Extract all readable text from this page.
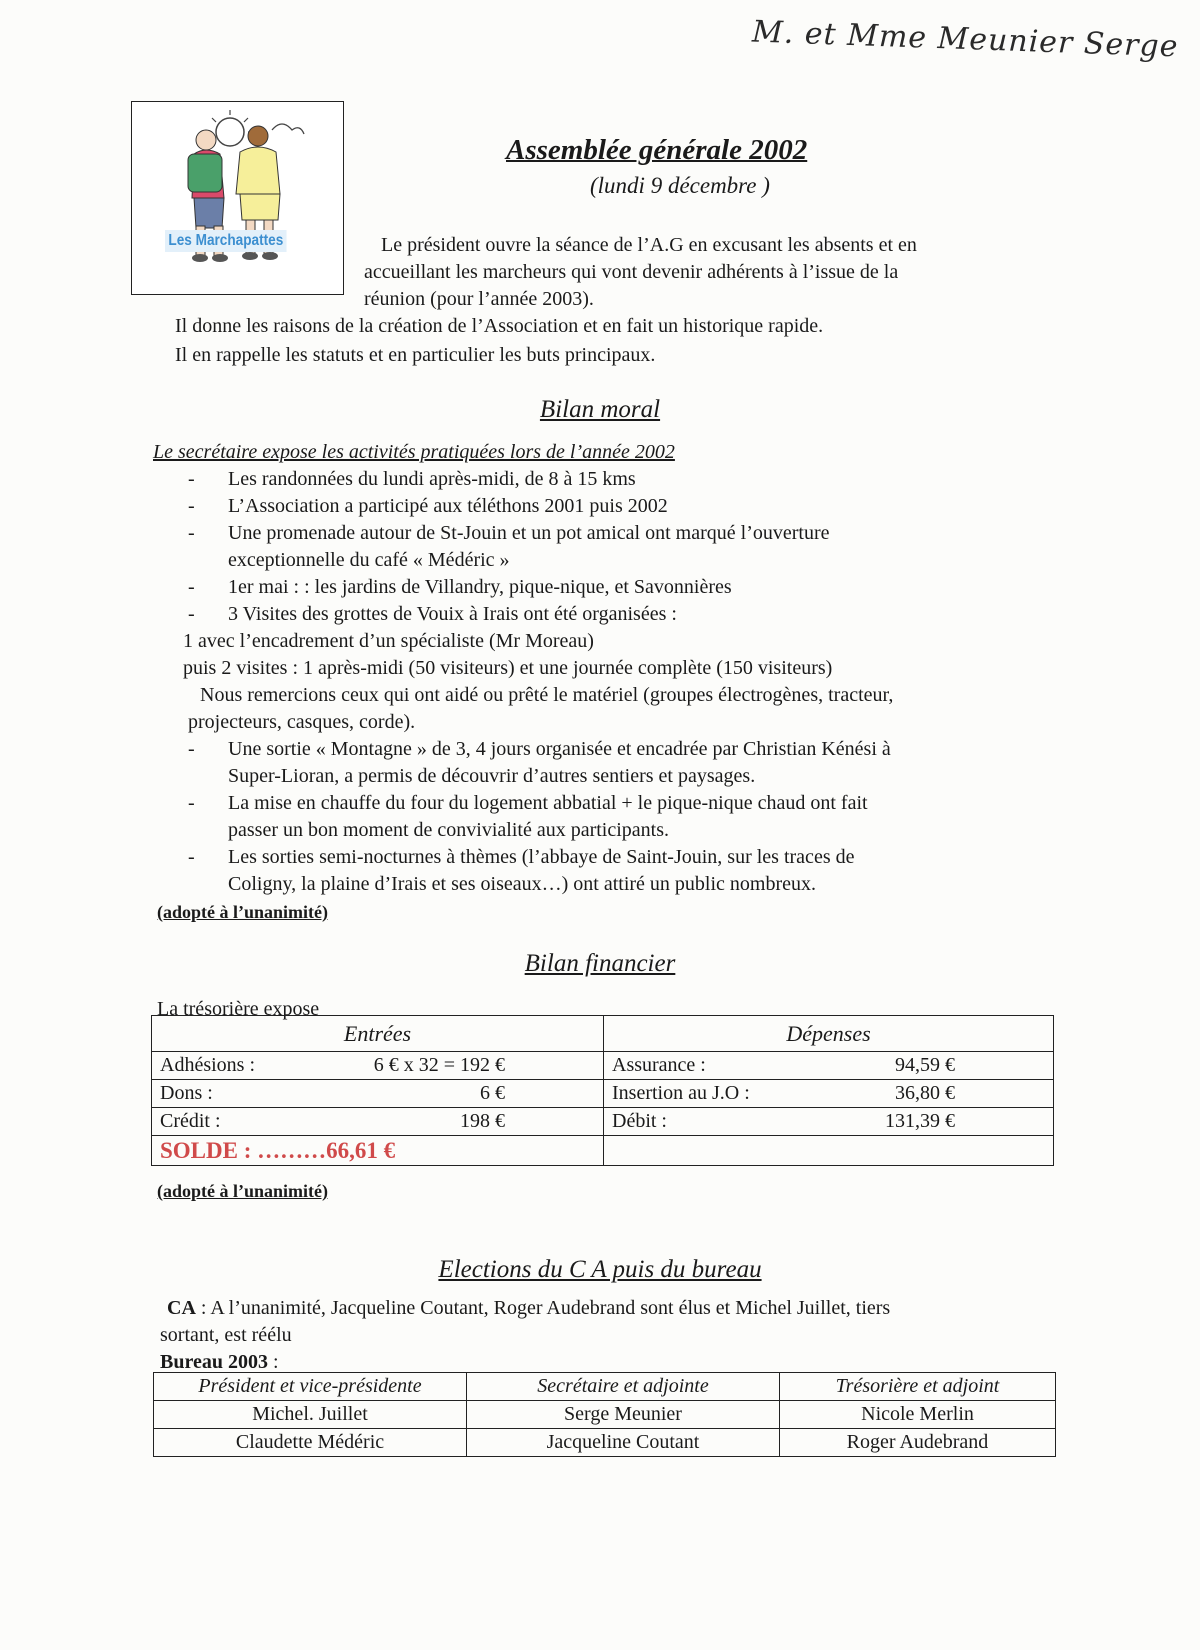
M. et Mme Meunier Serge
Les Marchapattes
Assemblée générale 2002
(lundi 9 décembre )
Le président ouvre la séance de l’A.G en excusant les absents et en
accueillant les marcheurs qui vont devenir adhérents à l’issue de la
réunion (pour l’année 2003).
Il donne les raisons de la création de l’Association et en fait un historique rapide.
Il en rappelle les statuts et en particulier les buts principaux.
Bilan moral
Le secrétaire expose les activités pratiquées lors de l’année 2002
- Les randonnées du lundi après-midi, de 8 à 15 kms
- L’Association a participé aux téléthons 2001 puis 2002
- Une promenade autour de St-Jouin et un pot amical ont marqué l’ouverture
exceptionnelle du café « Médéric »
- 1er mai : : les jardins de Villandry, pique-nique, et Savonnières
- 3 Visites des grottes de Vouix à Irais ont été organisées :
1 avec l’encadrement d’un spécialiste (Mr Moreau)
puis 2 visites : 1 après-midi (50 visiteurs) et une journée complète (150 visiteurs)
Nous remercions ceux qui ont aidé ou prêté le matériel (groupes électrogènes, tracteur,
projecteurs, casques, corde).
- Une sortie « Montagne » de 3, 4 jours organisée et encadrée par Christian Kénési à
Super-Lioran, a permis de découvrir d’autres sentiers et paysages.
- La mise en chauffe du four du logement abbatial + le pique-nique chaud ont fait
passer un bon moment de convivialité aux participants.
- Les sorties semi-nocturnes à thèmes (l’abbaye de Saint-Jouin, sur les traces de
Coligny, la plaine d’Irais et ses oiseaux…) ont attiré un public nombreux.
(adopté à l’unanimité)
Bilan financier
La trésorière expose
Entrées	Dépenses
Adhésions : 6 € x 32 = 192 €	Assurance : 94,59 €

Dons : 6 €	Insertion au J.O : 36,80 €

Crédit : 198 €	Débit : 131,39 €

SOLDE : ………66,61 €	
(adopté à l’unanimité)
Elections du C A puis du bureau
CA : A l’unanimité, Jacqueline Coutant, Roger Audebrand sont élus et Michel Juillet, tiers
sortant, est réélu
Bureau 2003 :
Président et vice-présidente	Secrétaire et adjointe	Trésorière et adjoint
Michel. Juillet	Serge Meunier	Nicole Merlin
Claudette Médéric	Jacqueline Coutant	Roger Audebrand
